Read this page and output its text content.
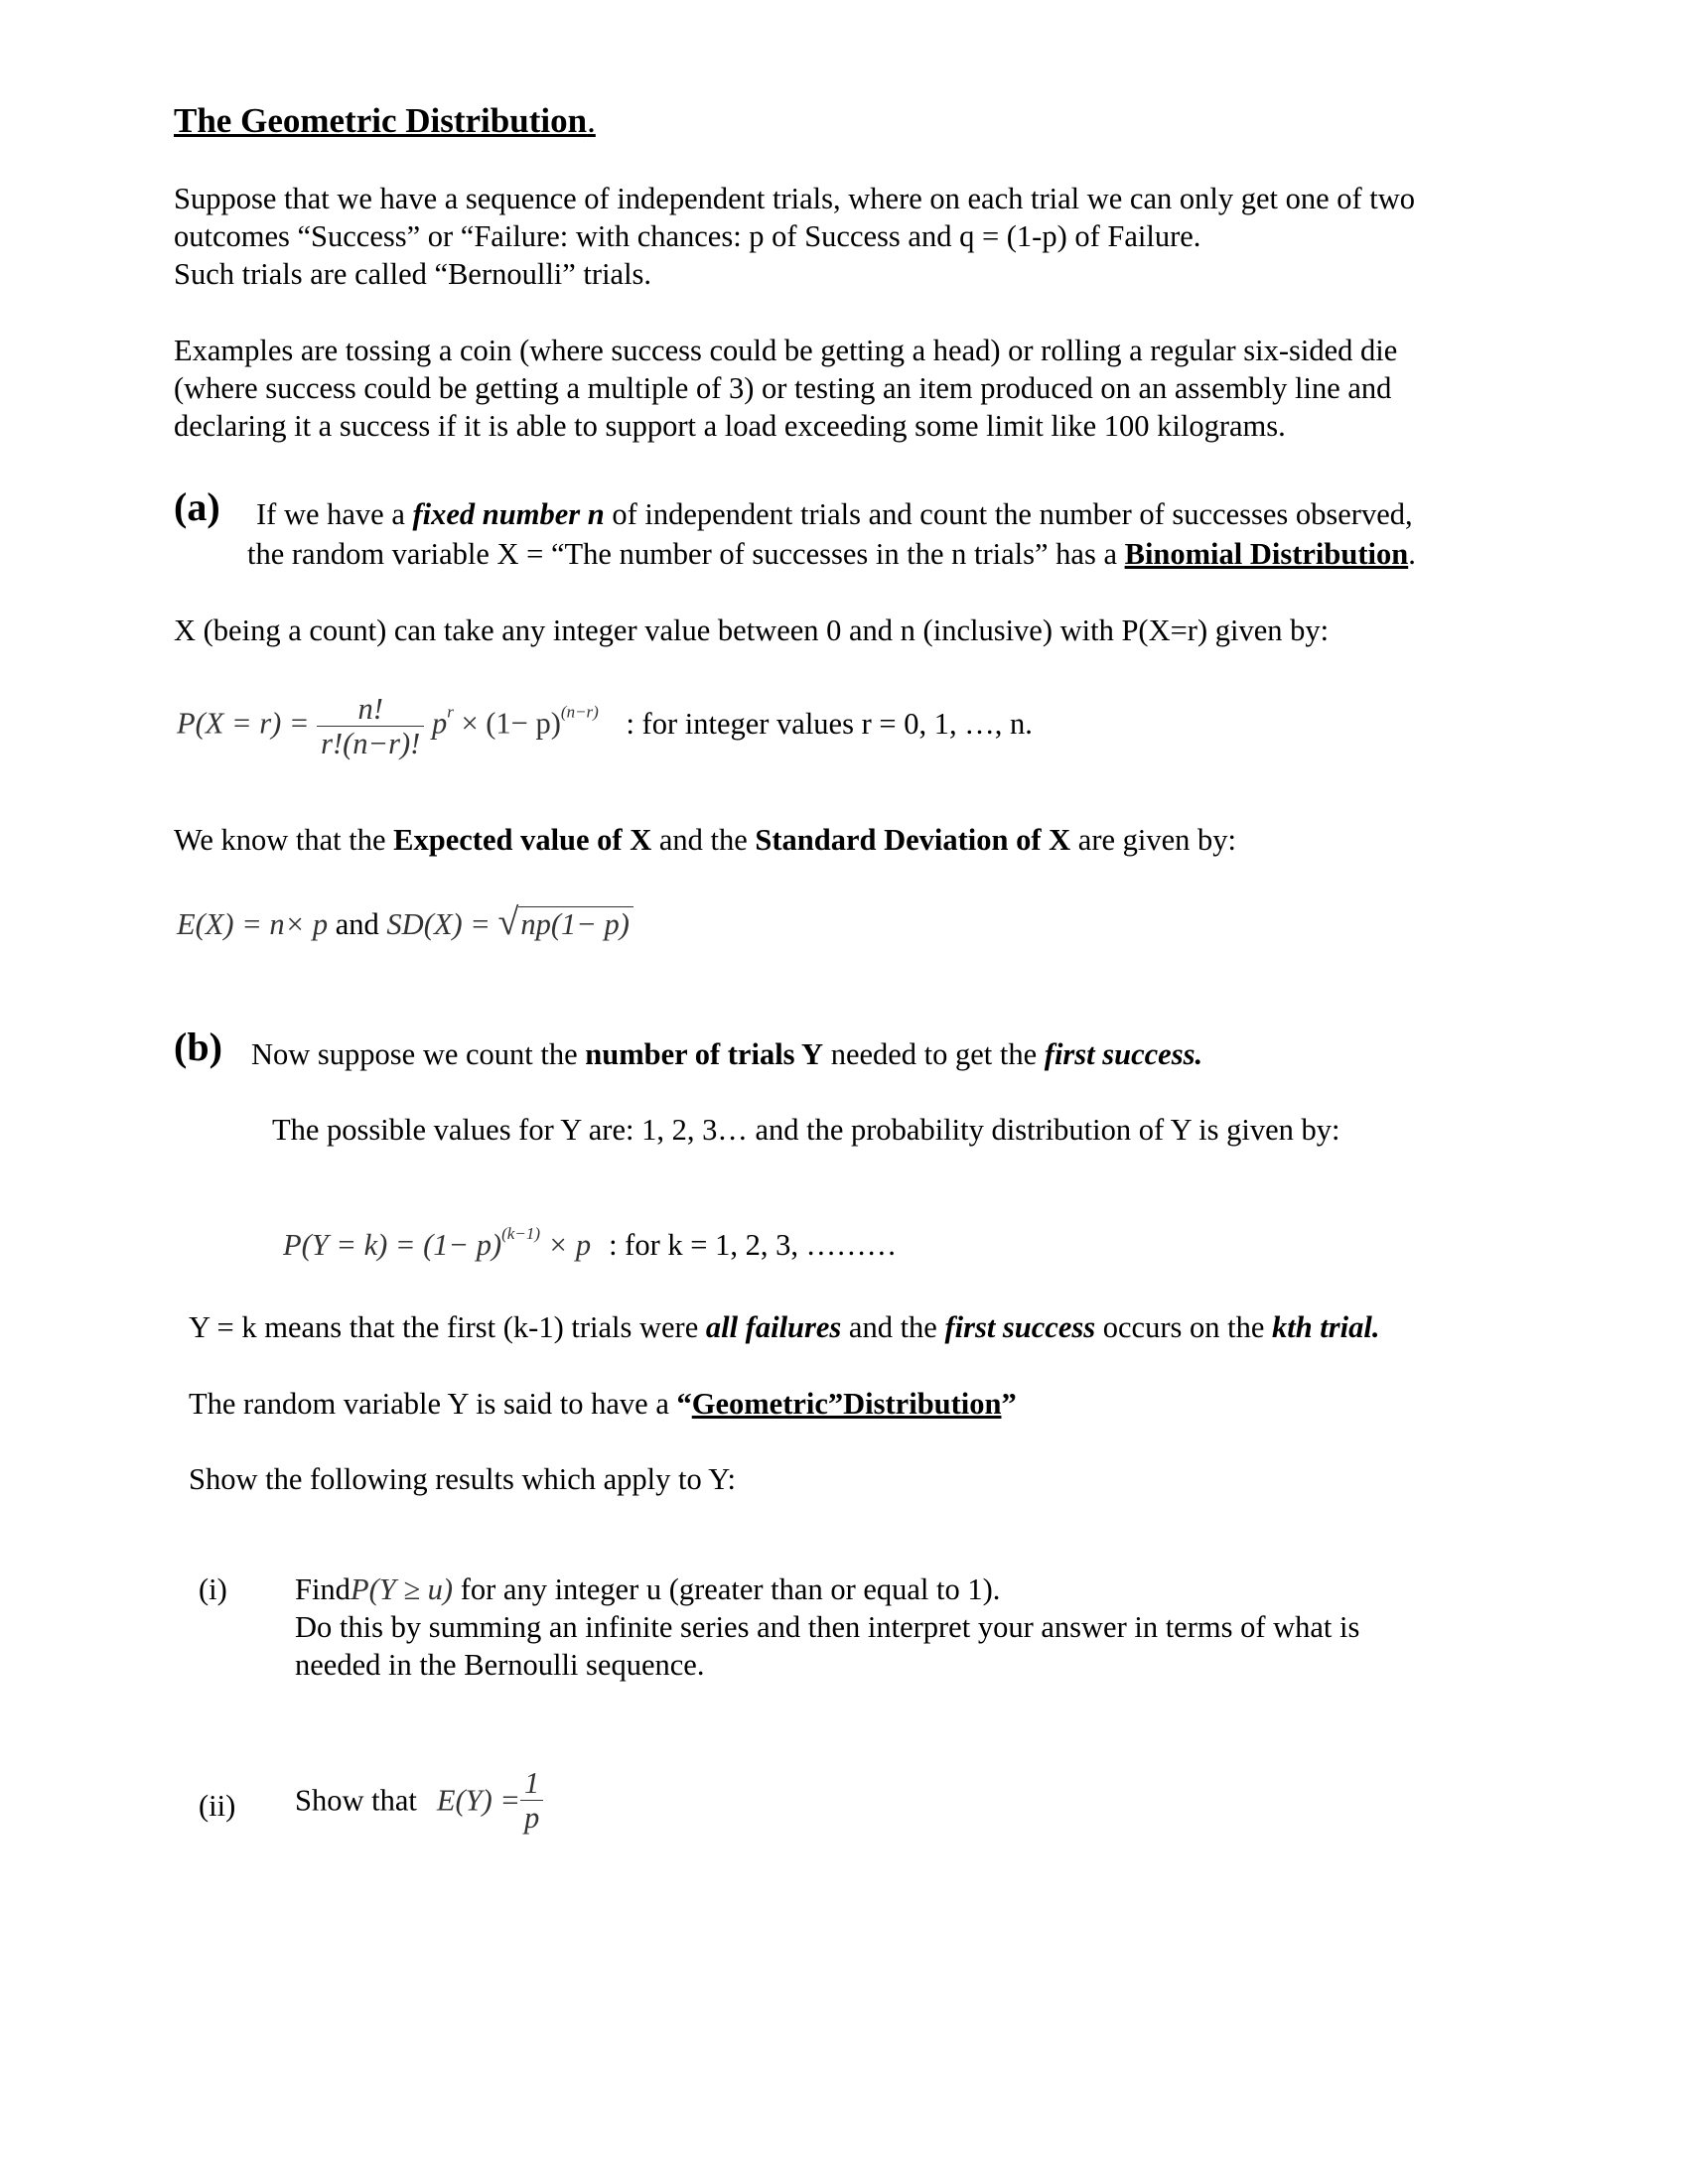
The Geometric Distribution.
Suppose that we have a sequence of independent trials, where on each trial we can only get one of two
outcomes “Success” or “Failure: with chances: p of Success and q = (1-p) of Failure.
Such trials are called “Bernoulli” trials.
Examples are tossing a coin (where success could be getting a head) or rolling a regular six-sided die
(where success could be getting a multiple of 3) or testing an item produced on an assembly line and
declaring it a success if it is able to support a load exceeding some limit like 100 kilograms.
(a) If we have a fixed number n of independent trials and count the number of successes observed,
the random variable X = “The number of successes in the n trials” has a Binomial Distribution.
X (being a count) can take any integer value between 0 and n (inclusive) with P(X=r) given by:
$P(X = r) = \frac{n!}{r!(n-r)!} p^r \times (1- p)^{(n-r)}$ : for integer values r = 0, 1, …, n.
We know that the Expected value of X and the Standard Deviation of X are given by:
E(X) = n× p and SD(X) = √np(1− p)
(b) Now suppose we count the number of trials Y needed to get the first success.
The possible values for Y are: 1, 2, 3… and the probability distribution of Y is given by:
$P(Y = k) = (1- p)^{(k-1)} \times p$ : for k = 1, 2, 3, ………
Y = k means that the first (k-1) trials were all failures and the first success occurs on the kth trial.
The random variable Y is said to have a “Geometric”Distribution”
Show the following results which apply to Y:
(i) FindP(Y ≥ u) for any integer u (greater than or equal to 1).
Do this by summing an infinite series and then interpret your answer in terms of what is
needed in the Bernoulli sequence.
(ii) Show that $E(Y) = \frac{1}{p}$
